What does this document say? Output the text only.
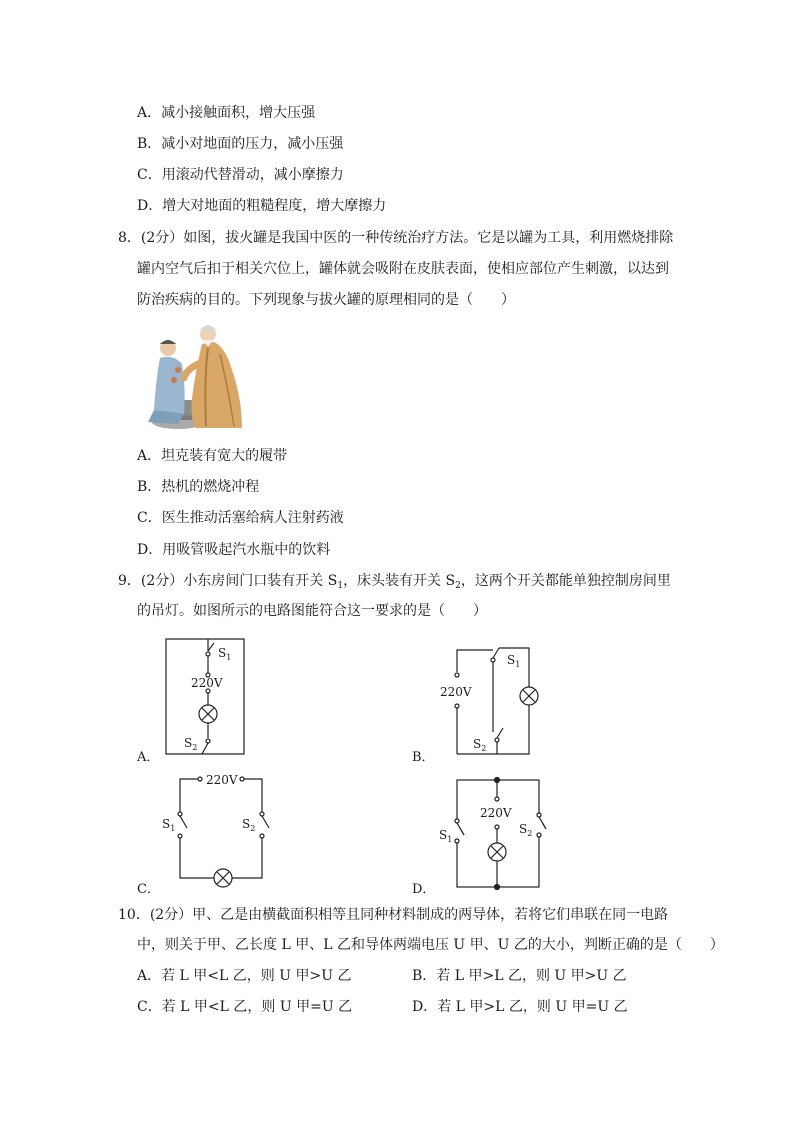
A．减小接触面积，增大压强
B．减小对地面的压力，减小压强
C．用滚动代替滑动，减小摩擦力
D．增大对地面的粗糙程度，增大摩擦力
8．(2分）如图，拔火罐是我国中医的一种传统治疗方法。它是以罐为工具，利用燃烧排除
罐内空气后扣于相关穴位上，罐体就会吸附在皮肤表面，使相应部位产生刺激，以达到
防治疾病的目的。下列现象与拔火罐的原理相同的是（　　）
A．坦克装有宽大的履带
B．热机的燃烧冲程
C．医生推动活塞给病人注射药液
D．用吸管吸起汽水瓶中的饮料
9．(2分）小东房间门口装有开关 $S_1$，床头装有开关 $S_2$，这两个开关都能单独控制房间里
的吊灯。如图所示的电路图能符合这一要求的是（　　）
A．
$S_1$
220V
$S_2$
B．
$S_1$
220V
$S_2$
C．
220V
$S_1$	$S_2$
D．
220V
$S_1$
$S_2$
10．(2分）甲、乙是由横截面积相等且同种材料制成的两导体，若将它们串联在同一电路
中，则关于甲、乙长度 L 甲、L 乙和导体两端电压 U 甲、U 乙的大小，判断正确的是（　　）
A．若 L 甲<L 乙，则 U 甲>U 乙	B．若 L 甲>L 乙，则 U 甲>U 乙
C．若 L 甲<L 乙，则 U 甲=U 乙	D．若 L 甲>L 乙，则 U 甲=U 乙
